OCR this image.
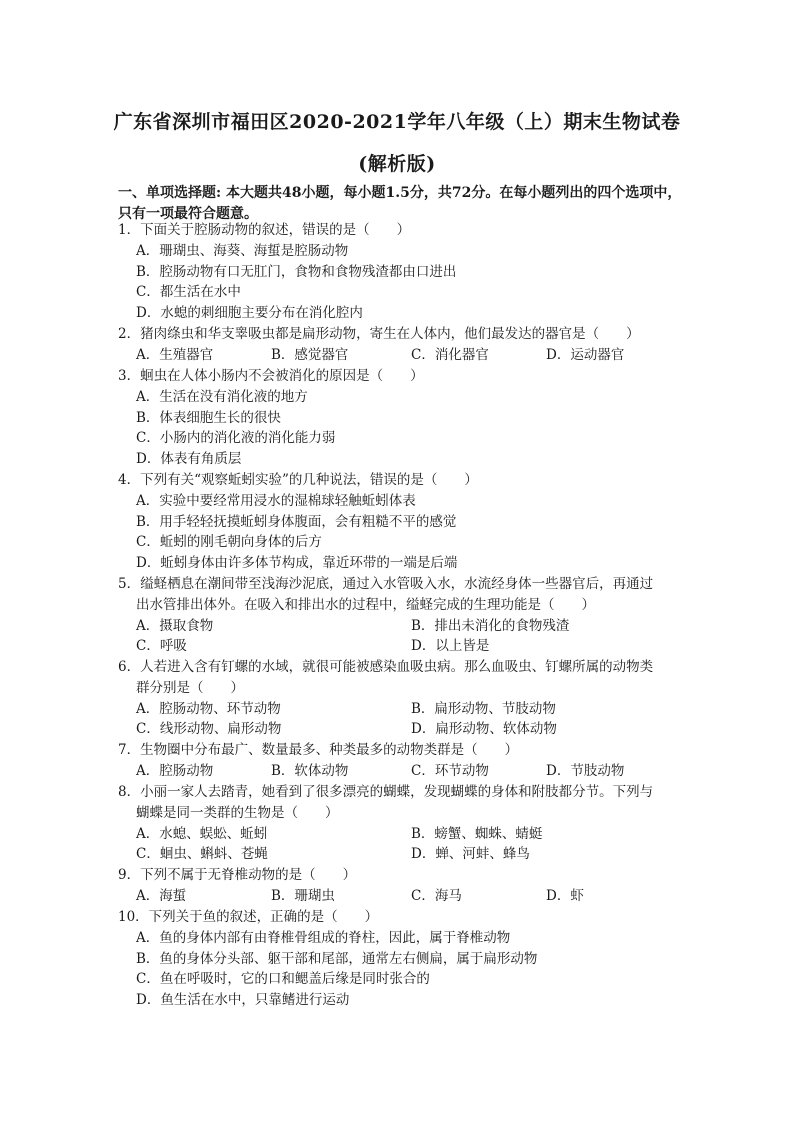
广东省深圳市福田区2020-2021学年八年级（上）期末生物试卷
(解析版)
一、单项选择题: 本大题共48小题，每小题1.5分，共72分。在每小题列出的四个选项中，
只有一项最符合题意。
1．下面关于腔肠动物的叙述，错误的是（　　）
A．珊瑚虫、海葵、海蜇是腔肠动物
B．腔肠动物有口无肛门，食物和食物残渣都由口进出
C．都生活在水中
D．水螅的刺细胞主要分布在消化腔内
2．猪肉绦虫和华支睾吸虫都是扁形动物，寄生在人体内，他们最发达的器官是（　　）
A．生殖器官	B．感觉器官	C．消化器官	D．运动器官
3．蛔虫在人体小肠内不会被消化的原因是（　　）
A．生活在没有消化液的地方
B．体表细胞生长的很快
C．小肠内的消化液的消化能力弱
D．体表有角质层
4．下列有关“观察蚯蚓实验”的几种说法，错误的是（　　）
A．实验中要经常用浸水的湿棉球轻触蚯蚓体表
B．用手轻轻抚摸蚯蚓身体腹面，会有粗糙不平的感觉
C．蚯蚓的刚毛朝向身体的后方
D．蚯蚓身体由许多体节构成，靠近环带的一端是后端
5．缢蛏栖息在潮间带至浅海沙泥底，通过入水管吸入水，水流经身体一些器官后，再通过
出水管排出体外。在吸入和排出水的过程中，缢蛏完成的生理功能是（　　）
A．摄取食物	B．排出未消化的食物残渣
C．呼吸	D．以上皆是
6．人若进入含有钉螺的水域，就很可能被感染血吸虫病。那么血吸虫、钉螺所属的动物类
群分别是（　　）
A．腔肠动物、环节动物	B．扁形动物、节肢动物
C．线形动物、扁形动物	D．扁形动物、软体动物
7．生物圈中分布最广、数量最多、种类最多的动物类群是（　　）
A．腔肠动物	B．软体动物	C．环节动物	D．节肢动物
8．小丽一家人去踏青，她看到了很多漂亮的蝴蝶，发现蝴蝶的身体和附肢都分节。下列与
蝴蝶是同一类群的生物是（　　）
A．水螅、蜈蚣、蚯蚓	B．螃蟹、蜘蛛、蜻蜓
C．蛔虫、蝌蚪、苍蝇	D．蝉、河蚌、蜂鸟
9．下列不属于无脊椎动物的是（　　）
A．海蜇	B．珊瑚虫	C．海马	D．虾
10．下列关于鱼的叙述，正确的是（　　）
A．鱼的身体内部有由脊椎骨组成的脊柱，因此，属于脊椎动物
B．鱼的身体分头部、躯干部和尾部，通常左右侧扁，属于扁形动物
C．鱼在呼吸时，它的口和鳃盖后缘是同时张合的
D．鱼生活在水中，只靠鳍进行运动
